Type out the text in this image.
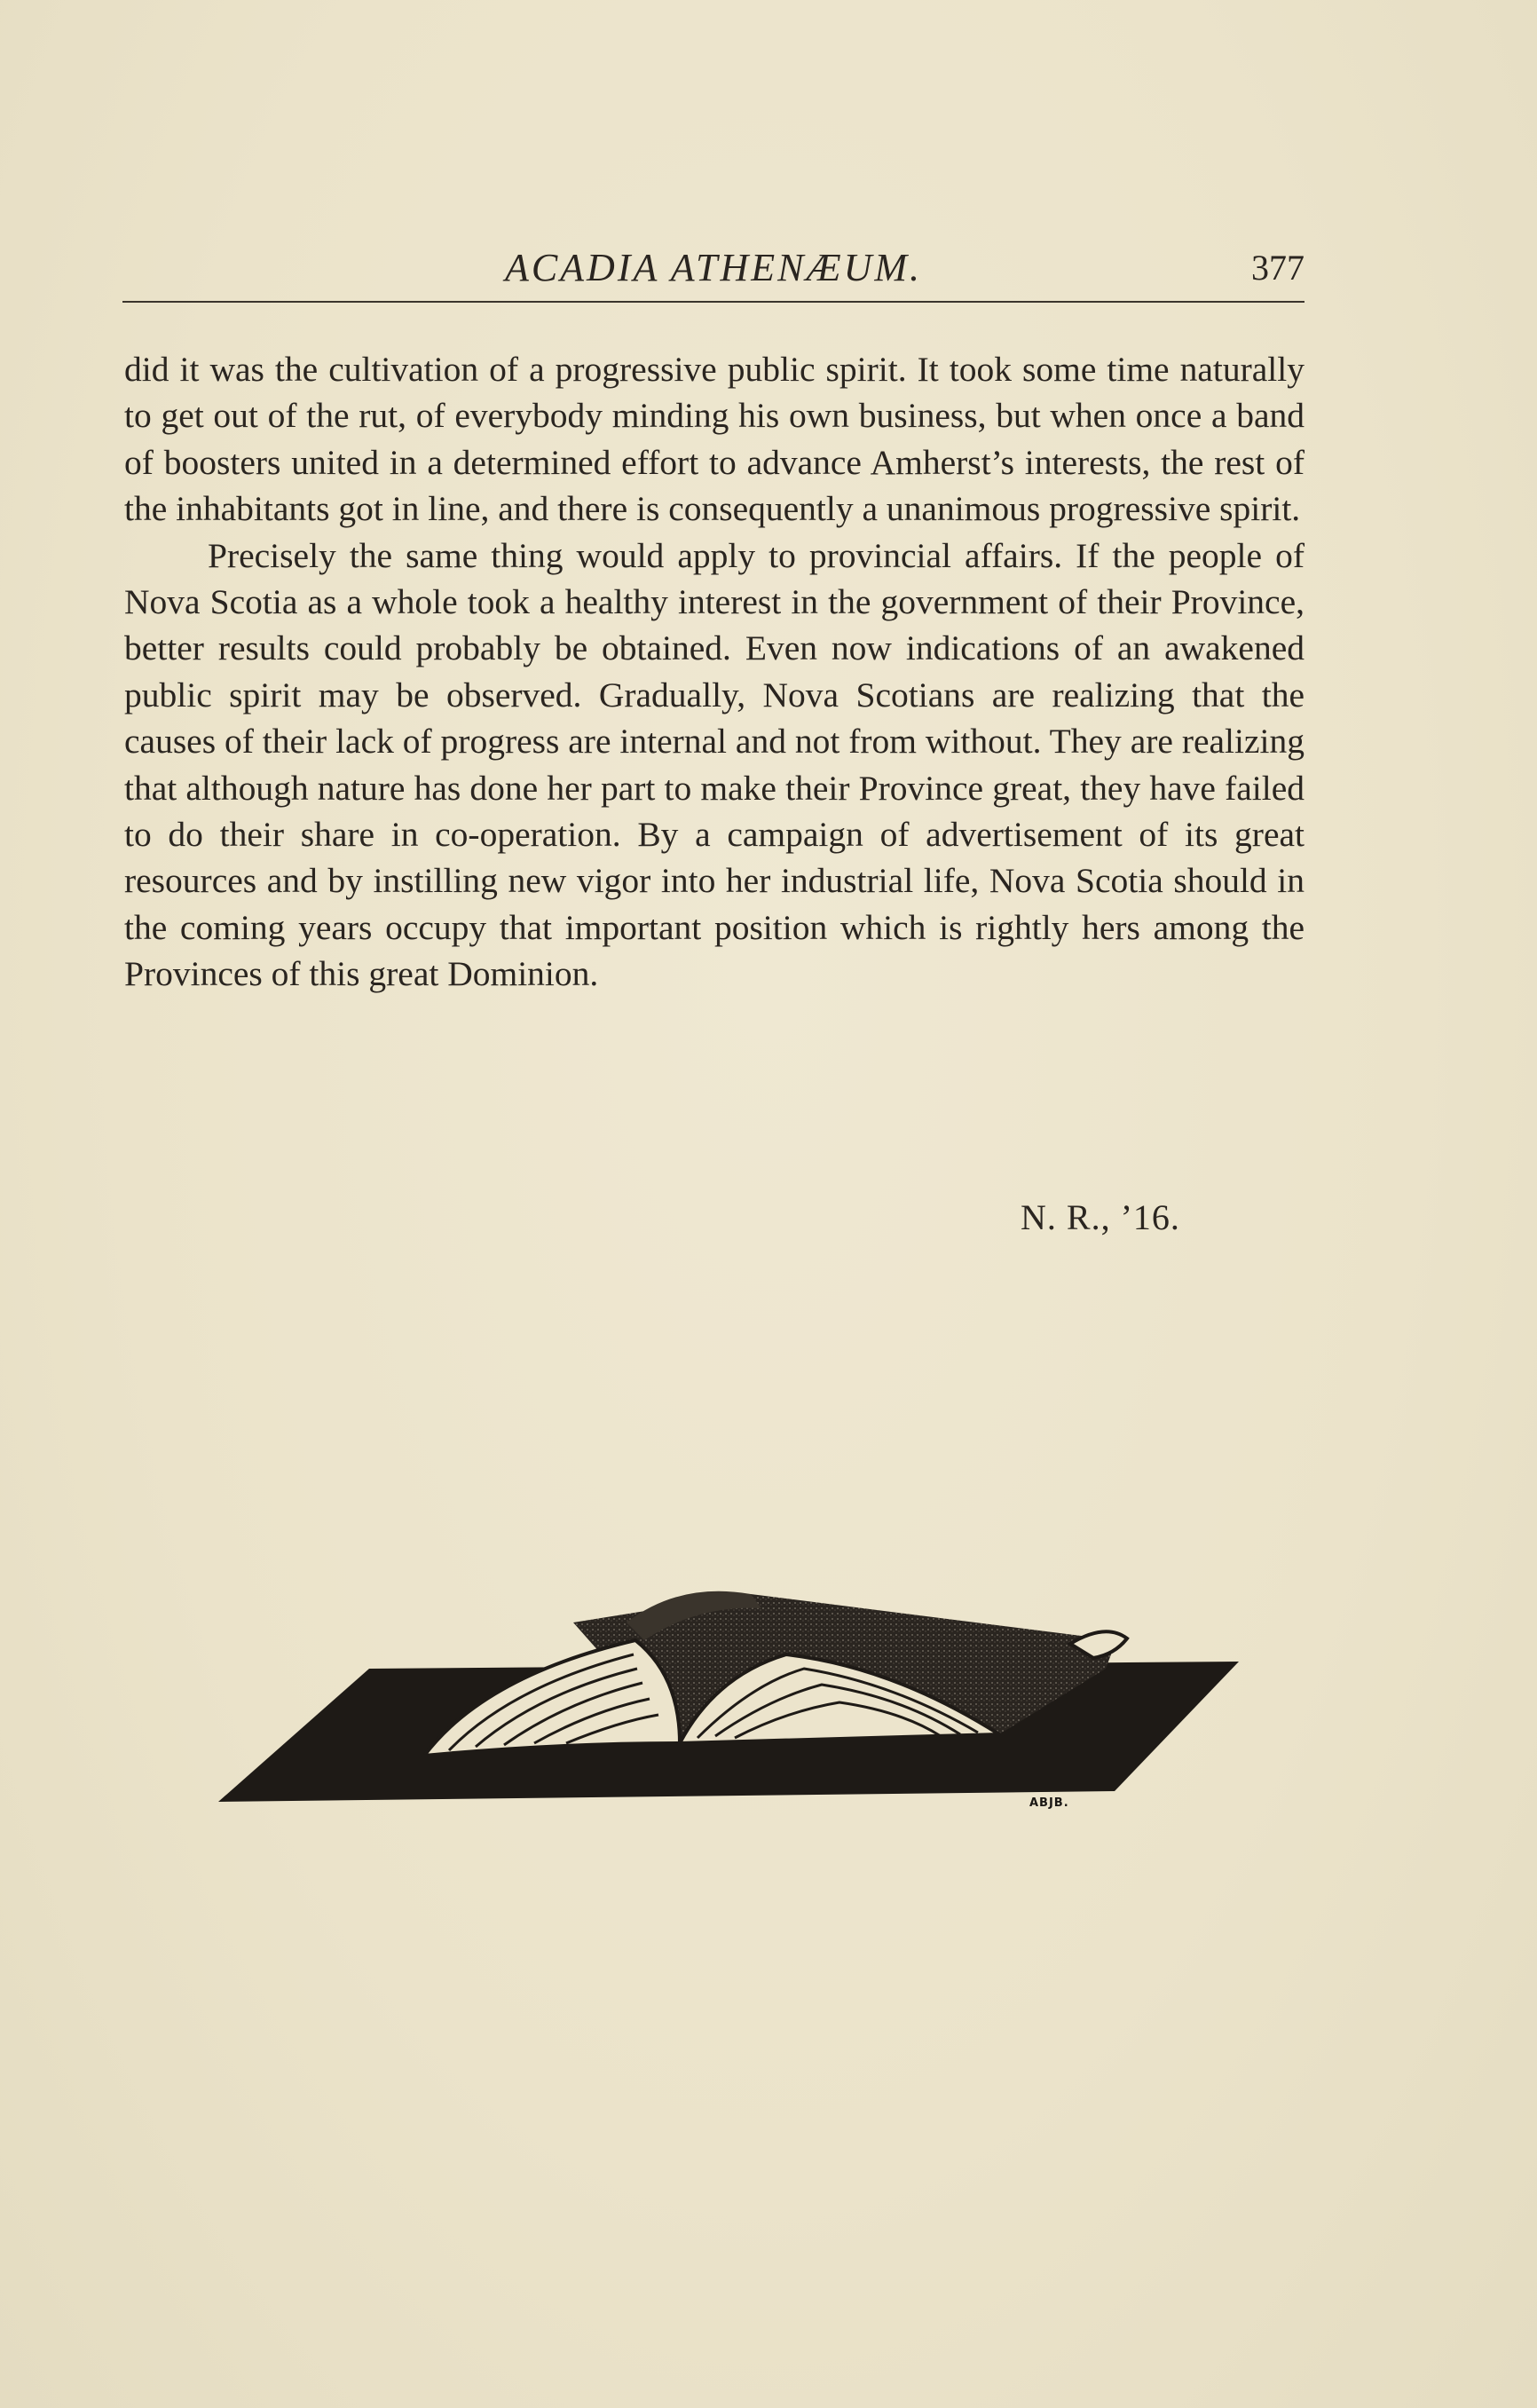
ACADIA ATHENÆUM.	377

did it was the cultivation of a progressive public spirit. It took some time naturally to get out of the rut, of everybody minding his own business, but when once a band of boosters united in a determined effort to advance Amherst’s interests, the rest of the inhabitants got in line, and there is consequently a unanimous progressive spirit.

Precisely the same thing would apply to provincial affairs. If the people of Nova Scotia as a whole took a healthy interest in the government of their Province, better results could probably be obtained. Even now indications of an awakened public spirit may be observed. Gradually, Nova Scotians are realizing that the causes of their lack of progress are internal and not from without. They are realizing that although nature has done her part to make their Province great, they have failed to do their share in co-operation. By a campaign of advertisement of its great resources and by instilling new vigor into her industrial life, Nova Scotia should in the coming years occupy that important position which is rightly hers among the Provinces of this great Dominion.

N. R., ’16.
ABJB.
